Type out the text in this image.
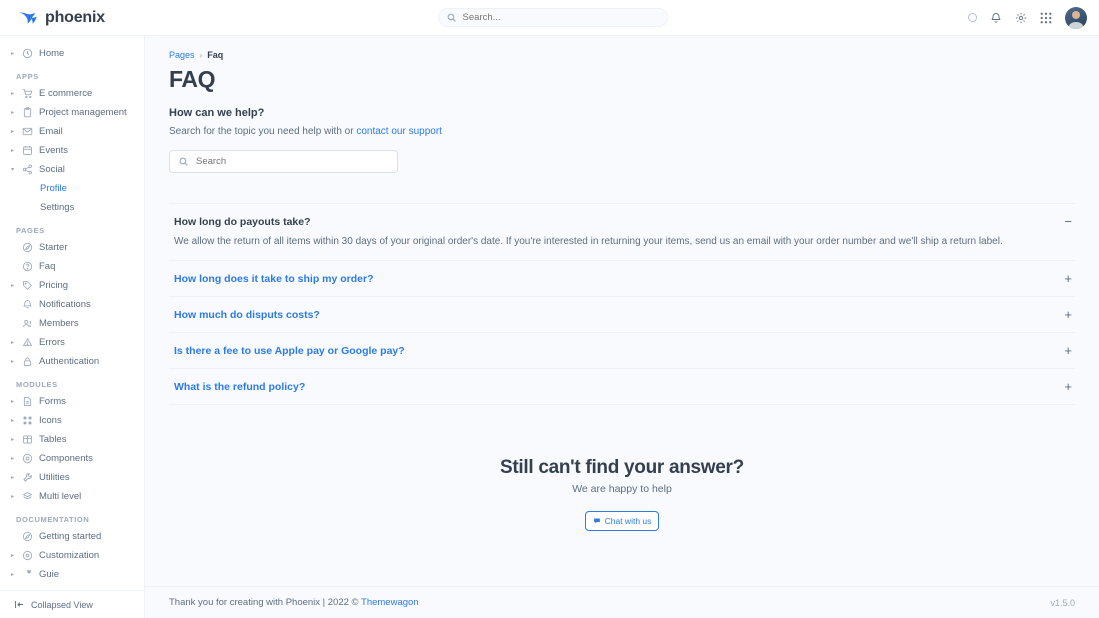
phoenix
Search...
▸	Home
APPS
▸	E commerce
▸	Project management
▸	Email
▸	Events
▾	Social
Profile
Settings
PAGES
Starter
Faq
▸	Pricing
Notifications
Members
▸	Errors
▸	Authentication
MODULES
▸	Forms
▸	Icons
▸	Tables
▸	Components
▸	Utilities
▸	Multi level
DOCUMENTATION
Getting started
▸	Customization
▸	Guie
Collapsed View
Pages › Faq
FAQ
How can we help?
Search for the topic you need help with or contact our support
Search
How long do payouts take?
We allow the return of all items within 30 days of your original order's date. If you're interested in returning your items, send us an email with your order number and we'll ship a return label.
−
How long does it take to ship my order?	+
How much do disputs costs?	+
Is there a fee to use Apple pay or Google pay?	+
What is the refund policy?	+
Still can't find your answer?
We are happy to help
Chat with us
Thank you for creating with Phoenix | 2022 © Themewagon	v1.5.0
